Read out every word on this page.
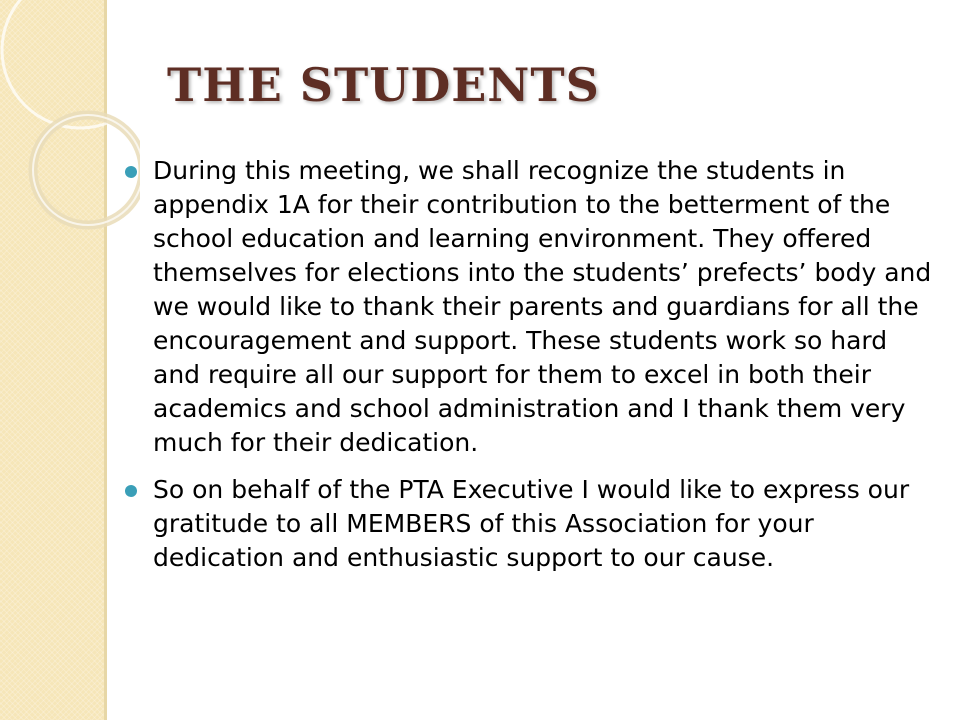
THE STUDENTS
During this meeting, we shall recognize the students in appendix 1A for their contribution to the betterment of the school education and learning environment. They offered themselves for elections into the students’ prefects’ body and we would like to thank their parents and guardians for all the encouragement and support. These students work so hard and require all our support for them to excel in both their academics and school administration and I thank them very much for their dedication.
So on behalf of the PTA Executive I would like to express our gratitude to all MEMBERS of this Association for your dedication and enthusiastic support to our cause.
